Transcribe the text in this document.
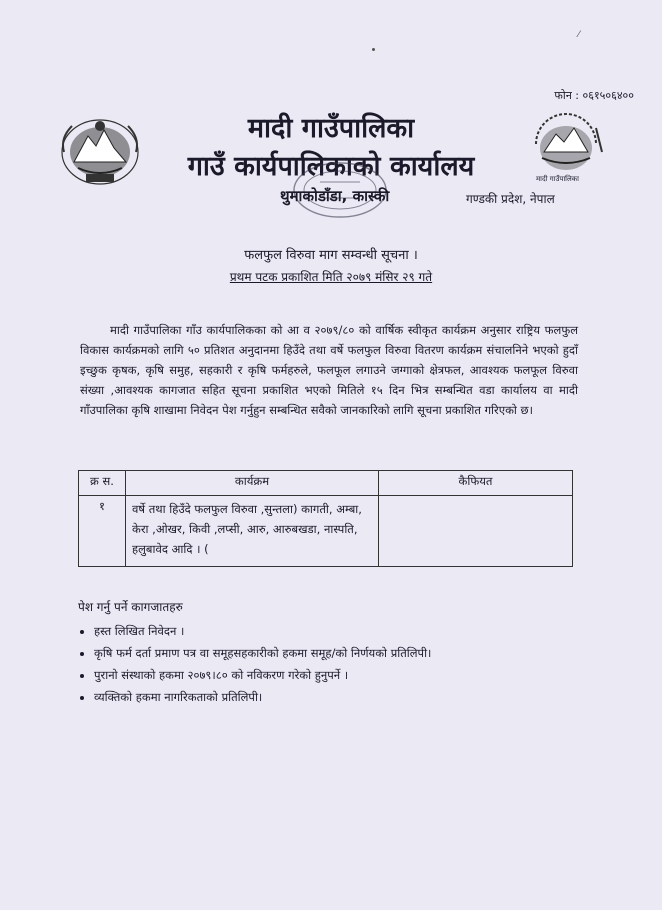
⁄
फोन : ०६१५०६४००
मादी गाउँपालिका
गाउँ कार्यपालिकाको कार्यालय
थुमाकोडाँडा, कास्की	गण्डकी प्रदेश, नेपाल
मादी गाउँपालिका
फलफुल विरुवा माग सम्वन्धी सूचना ।
प्रथम पटक प्रकाशित मिति २०७९ मंसिर २९ गते

मादी गाउँपालिका गाँउ कार्यपालिकका को आ व २०७९/८० को वार्षिक स्वीकृत कार्यक्रम अनुसार राष्ट्रिय फलफुल विकास कार्यक्रमको लागि ५० प्रतिशत अनुदानमा हिउँदे तथा वर्षे फलफुल विरुवा वितरण कार्यक्रम संचालनिने भएको हुदाँ इच्छुक कृषक, कृषि समुह, सहकारी र कृषि फर्महरुले, फलफूल लगाउने जग्गाको क्षेत्रफल, आवश्यक फलफूल विरुवा संख्या ,आवश्यक कागजात सहित सूचना प्रकाशित भएको मितिले १५ दिन भित्र सम्बन्धित वडा कार्यालय वा मादी गाँउपालिका कृषि शाखामा निवेदन पेश गर्नुहुन सम्बन्धित सवैको जानकारिको लागि सूचना प्रकाशित गरिएको छ।

क्र स.	कार्यक्रम	कैफियत
१	वर्षे तथा हिउँदे फलफुल विरुवा ,सुन्तला) कागती, अम्बा, केरा ,ओखर, किवी ,लप्सी, आरु, आरुबखडा, नास्पति, हलुबावेद आदि । (	
पेश गर्नु पर्ने कागजातहरु
• हस्त लिखित निवेदन ।
• कृषि फर्म दर्ता प्रमाण पत्र वा समूहसहकारीको हकमा समूह/को निर्णयको प्रतिलिपी।
• पुरानो संस्थाको हकमा २०७९।८० को नविकरण गरेको हुनुपर्ने ।
• व्यक्तिको हकमा नागरिकताको प्रतिलिपी।
